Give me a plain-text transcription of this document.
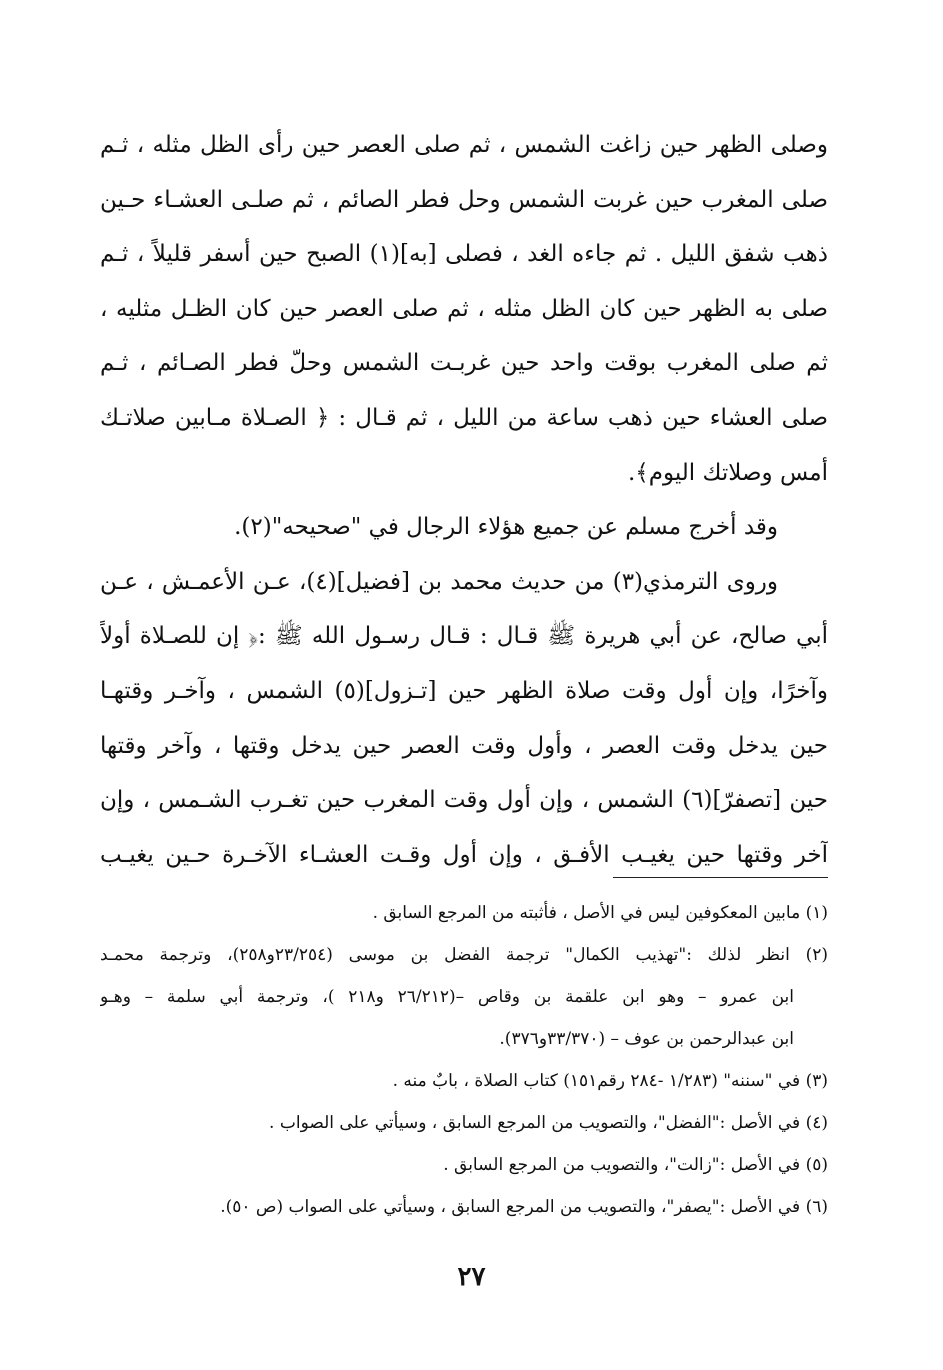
وصلى الظهر حين زاغت الشمس ، ثم صلى العصر حين رأى الظل مثله ، ثـم
صلى المغرب حين غربت الشمس وحل فطر الصائم ، ثم صلـى العشـاء حـين
ذهب شفق الليل . ثم جاءه الغد ، فصلى [به](١) الصبح حين أسفر قليلاً ، ثـم
صلى به الظهر حين كان الظل مثله ، ثم صلى العصر حين كان الظـل مثليه ،
ثم صلى المغرب بوقت واحد حين غربـت الشمس وحلّ فطر الصـائم ، ثـم
صلى العشاء حين ذهب ساعة من الليل ، ثم قـال : ﴿ الصـلاة مـابين صلاتـك
أمس وصلاتك اليوم﴾.
وقد أخرج مسلم عن جميع هؤلاء الرجال في "صحيحه"(٢).
وروى الترمذي(٣) من حديث محمد بن [فضيل](٤)، عـن الأعمـش ، عـن
أبي صالح، عن أبي هريرة ﷺ قـال : قـال رسـول الله ﷺ :﴿ إن للصـلاة أولاً
وآخرًا، وإن أول وقت صلاة الظهر حين [تـزول](٥) الشمس ، وآخـر وقتهـا
حين يدخل وقت العصر ، وأول وقت العصر حين يدخل وقتها ، وآخر وقتها
حين [تصفرّ](٦) الشمس ، وإن أول وقت المغرب حين تغـرب الشـمس ، وإن
آخر وقتها حين يغيـب الأفـق ، وإن أول وقـت العشـاء الآخـرة حـين يغيـب
(١) مابين المعكوفين ليس في الأصل ، فأثبته من المرجع السابق .
(٢) انظر لذلك :"تهذيب الكمال" ترجمة الفضل بن موسى (٢٣/٢٥٤و٢٥٨)، وترجمة محمـد
ابن عمرو – وهو ابن علقمة بن وقاص –(٢٦/٢١٢ و٢١٨ )، وترجمة أبي سلمة – وهـو
ابن عبدالرحمن بن عوف – (٣٣/٣٧٠و٣٧٦).
(٣) في "سننه" (١/٢٨٣ -٢٨٤ رقم١٥١) كتاب الصلاة ، بابٌ منه .
(٤) في الأصل :"الفضل"، والتصويب من المرجع السابق ، وسيأتي على الصواب .
(٥) في الأصل :"زالت"، والتصويب من المرجع السابق .
(٦) في الأصل :"يصفر"، والتصويب من المرجع السابق ، وسيأتي على الصواب (ص ٥٠).
٢٧
